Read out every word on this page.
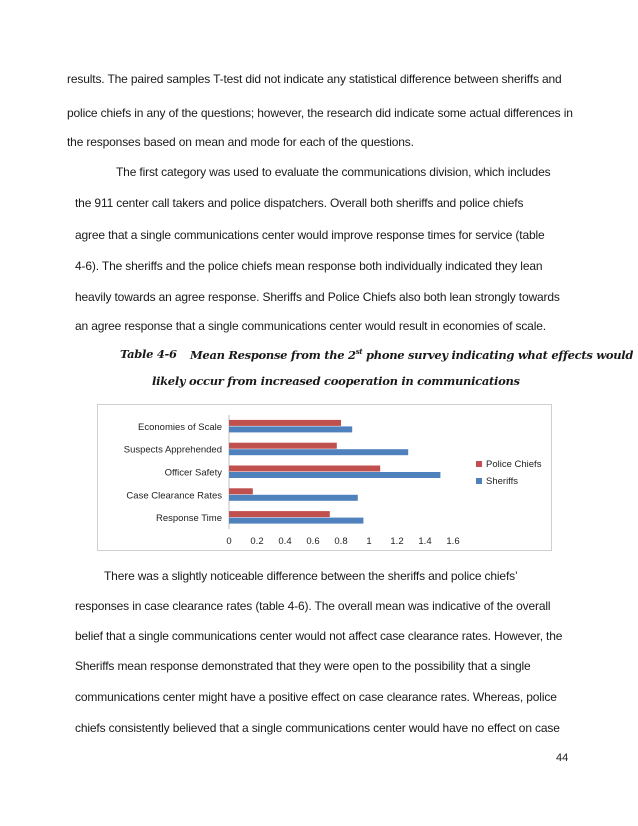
results. The paired samples T-test did not indicate any statistical difference between sheriffs and
police chiefs in any of the questions; however, the research did indicate some actual differences in
the responses based on mean and mode for each of the questions.
The first category was used to evaluate the communications division, which includes
the 911 center call takers and police dispatchers. Overall both sheriffs and police chiefs
agree that a single communications center would improve response times for service (table
4-6). The sheriffs and the police chiefs mean response both individually indicated they lean
heavily towards an agree response. Sheriffs and Police Chiefs also both lean strongly towards
an agree response that a single communications center would result in economies of scale.
Table 4-6 Mean Response from the 2st phone survey indicating what effects would
likely occur from increased cooperation in communications
Economies of Scale
Suspects Apprehended
Officer Safety
Case Clearance Rates
Response Time
0 0.2 0.4 0.6 0.8 1 1.2 1.4 1.6
Police Chiefs
Sheriffs
There was a slightly noticeable difference between the sheriffs and police chiefs’
responses in case clearance rates (table 4-6). The overall mean was indicative of the overall
belief that a single communications center would not affect case clearance rates. However, the
Sheriffs mean response demonstrated that they were open to the possibility that a single
communications center might have a positive effect on case clearance rates. Whereas, police
chiefs consistently believed that a single communications center would have no effect on case
44
